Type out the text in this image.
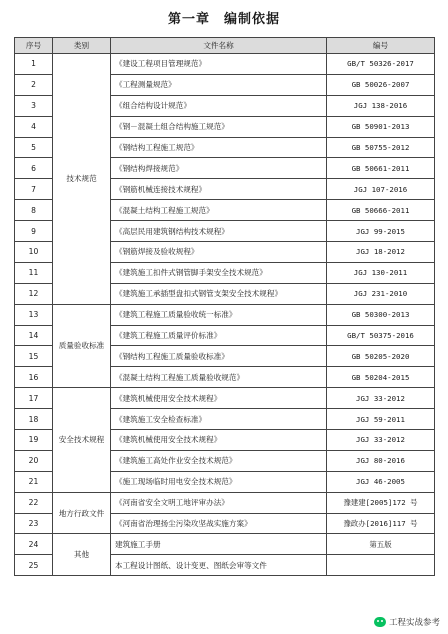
第一章　编制依据
序号	类别	文件名称	编号
1	技术规范	《建设工程项目管理规范》	GB/T 50326-2017
2		《工程测量规范》	GB 50026-2007
3		《组合结构设计规范》	JGJ 138-2016
4		《钢－混凝土组合结构施工规范》	GB 50901-2013
5		《钢结构工程施工规范》	GB 50755-2012
6		《钢结构焊接规范》	GB 50661-2011
7		《钢筋机械连接技术规程》	JGJ 107-2016
8		《混凝土结构工程施工规范》	GB 50666-2011
9		《高层民用建筑钢结构技术规程》	JGJ 99-2015
10		《钢筋焊接及验收规程》	JGJ 18-2012
11		《建筑施工扣件式钢管脚手架安全技术规范》	JGJ 130-2011
12		《建筑施工承插型盘扣式钢管支架安全技术规程》	JGJ 231-2010
13	质量验收标准	《建筑工程施工质量验收统一标准》	GB 50300-2013
14		《建筑工程施工质量评价标准》	GB/T 50375-2016
15		《钢结构工程施工质量验收标准》	GB 50205-2020
16		《混凝土结构工程施工质量验收规范》	GB 50204-2015
17	安全技术规程	《建筑机械使用安全技术规程》	JGJ 33-2012
18		《建筑施工安全检查标准》	JGJ 59-2011
19		《建筑机械使用安全技术规程》	JGJ 33-2012
20		《建筑施工高处作业安全技术规范》	JGJ 80-2016
21		《施工现场临时用电安全技术规范》	JGJ 46-2005
22	地方行政文件	《河南省安全文明工地评审办法》	豫建建[2005]172 号
23		《河南省治理扬尘污染攻坚战实施方案》	豫政办[2016]117 号
24	其他	建筑施工手册	第五版
25		本工程设计图纸、设计变更、图纸会审等文件	
工程实战参考
